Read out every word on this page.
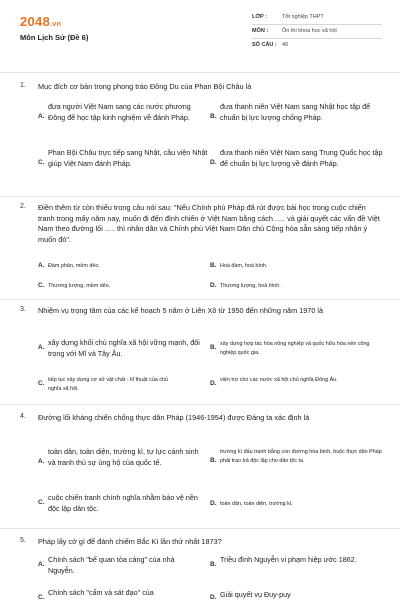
2048.vn
Môn Lịch Sử (Đề 6)
LỚP :	Tốt nghiệp THPT
MÔN :	Ôn thi khoa học xã hội
SỐ CÂU : 40
1. Mục đích cơ bản trong phong trào Đông Du của Phan Bội Châu là
A.
đưa người Việt Nam sang các nước phương Đông để học tập kinh nghiệm về đánh Pháp.	B.
đưa thanh niên Việt Nam sang Nhật học tập để chuẩn bị lực lượng chống Pháp.
C.
Phan Bội Châu trực tiếp sang Nhật, cầu viện Nhật giúp Việt Nam đánh Pháp.	D.
đưa thanh niên Việt Nam sang Trung Quốc học tập để chuẩn bị lực lượng về đánh Pháp.
2. Điền thêm từ còn thiếu trong câu nói sau: "Nếu Chính phủ Pháp đã rút được bài học trong cuộc chiến tranh trong mấy năm nay, muốn đi đến đình chiến ở Việt Nam bằng cách ..... và giải quyết các vấn đề Việt Nam theo đường lối ..... thì nhân dân và Chính phủ Việt Nam Dân chủ Cộng hòa sẵn sàng tiếp nhận ý muốn đó".
A. Đàm phán, mềm dẻo.	B. Hoà đàm, hoà bình.
C. Thương lượng, mềm dẻo.	D. Thương lượng, hoà bình.
3. Nhiệm vụ trọng tâm của các kế hoạch 5 năm ở Liên Xô từ 1950 đến những năm 1970 là
A.
xây dựng khối chủ nghĩa xã hội vững mạnh, đối trọng với Mĩ và Tây Âu.
B. xây dựng hợp tác hóa nông nghiệp và quốc hữu hóa nền công nghiệp quốc gia.
C. tiếp tục xây dựng cơ sở vật chất - kĩ thuật của chủ nghĩa xã hội.
D. viện trợ cho các nước xã hội chủ nghĩa Đông Âu.
4. Đường lối kháng chiến chống thực dân Pháp (1946-1954) được Đảng ta xác định là
A.
toàn dân, toàn diện, trường kì, tự lực cánh sinh và tranh thủ sự ủng hộ của quốc tế.	B.
trường kì đấu tranh bằng con đường hòa bình, buộc thực dân Pháp phải trao trả độc lập cho dân tộc ta.
C.
cuộc chiến tranh chính nghĩa nhằm bảo vệ nền độc lập dân tộc.	D. toàn dân, toàn diện, trường kì.
5. Pháp lấy cớ gì để đánh chiếm Bắc Kì lần thứ nhất 1873?
A.
Chính sách "bế quan tỏa cảng" của nhà Nguyễn.
B.
Triều đình Nguyễn vi phạm hiệp ước 1862.
C.
Chính sách "cấm và sát đạo" của
D. Giải quyết vụ Đuy-puy
